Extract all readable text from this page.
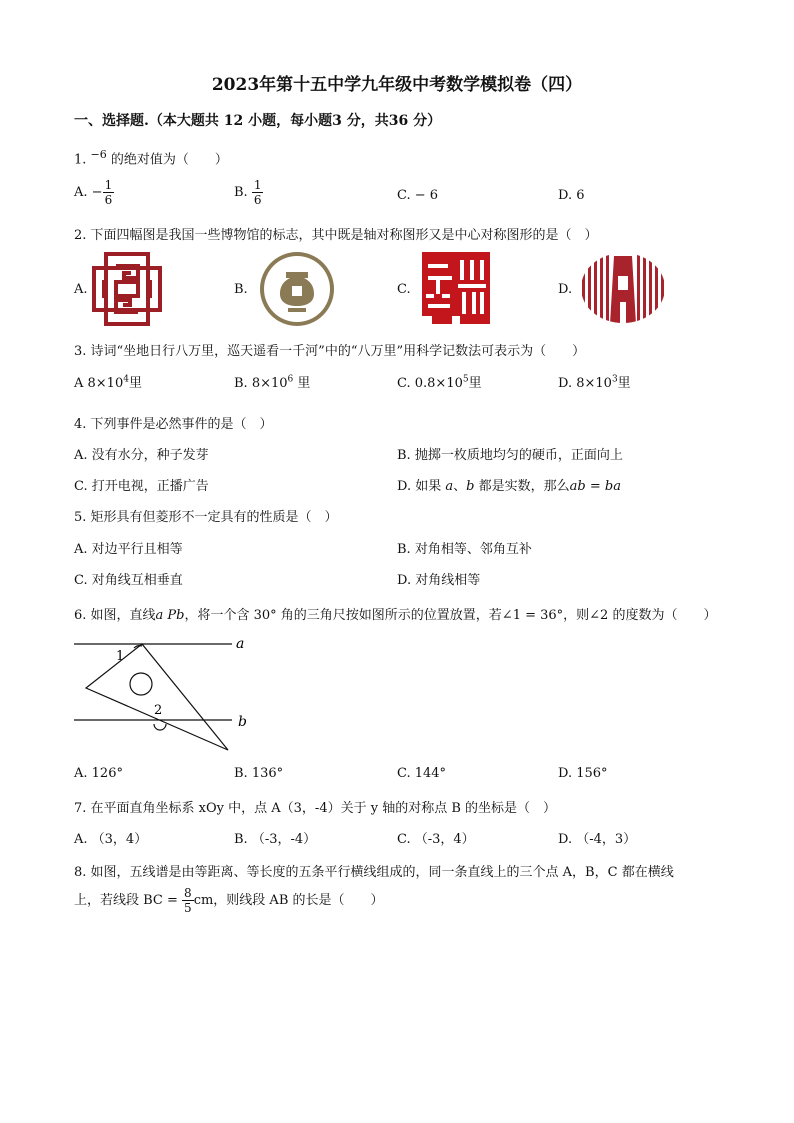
2023年第十五中学九年级中考数学模拟卷（四）
一、选择题.（本大题共 12 小题，每小题3 分，共36 分）
1. $^{-6}$ 的绝对值为（　　）
A. − $\frac{1}{6}$	B. $\frac{1}{6}$	C. − 6	D. 6
2. 下面四幅图是我国一些博物馆的标志，其中既是轴对称图形又是中心对称图形的是（　）
A.	B.	C.	D.
3. 诗词“坐地日行八万里，巡天遥看一千河”中的“八万里”用科学记数法可表示为（　　）
A $8\times 10^4$里	B. $8\times 10^6$ 里	C. $0.8\times 10^5$里	D. $8\times 10^3$里
4. 下列事件是必然事件的是（　）
A. 没有水分，种子发芽	B. 抛掷一枚质地均匀的硬币，正面向上
C. 打开电视，正播广告	D. 如果 a、b 都是实数，那么ab = ba
5. 矩形具有但菱形不一定具有的性质是（　）
A. 对边平行且相等	B. 对角相等、邻角互补
C. 对角线互相垂直	D. 对角线相等
6. 如图，直线a Pb，将一个含 30° 角的三角尺按如图所示的位置放置，若∠1 = 36°，则∠2 的度数为（　　）
a
b
1
2
A. 126°	B. 136°	C. 144°	D. 156°
7. 在平面直角坐标系 xOy 中，点 A（3，-4）关于 y 轴的对称点 B 的坐标是（　）
A. （3，4）	B. （-3，-4）	C. （-3，4）	D. （-4，3）
8. 如图，五线谱是由等距离、等长度的五条平行横线组成的，同一条直线上的三个点 A，B，C 都在横线
上，若线段 BC = $\frac{8}{5}$ cm，则线段 AB 的长是（　　）
